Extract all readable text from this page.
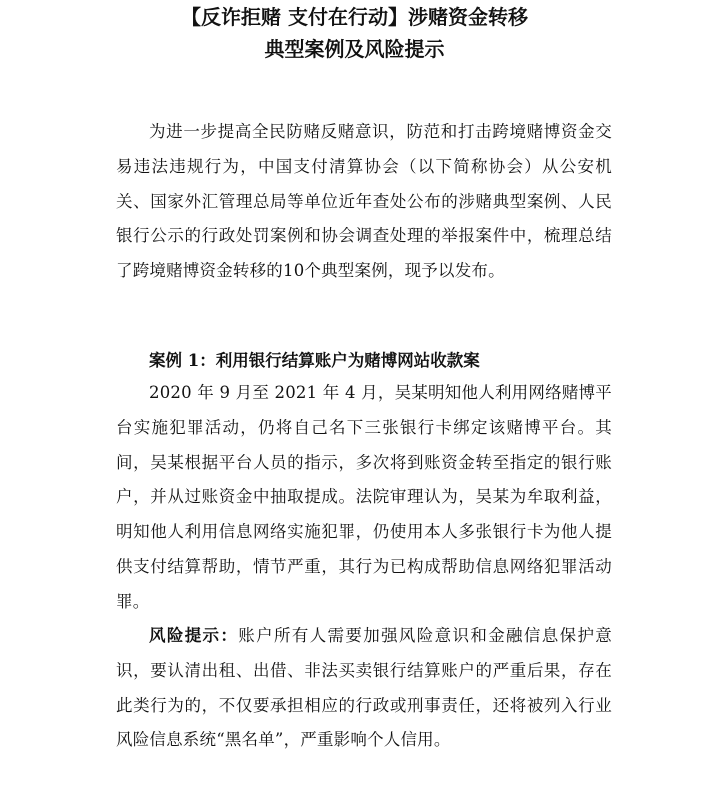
【反诈拒赌 支付在行动】涉赌资金转移
典型案例及风险提示

为进一步提高全民防赌反赌意识，防范和打击跨境赌博资金交易违法违规行为，中国支付清算协会（以下简称协会）从公安机关、国家外汇管理总局等单位近年查处公布的涉赌典型案例、人民银行公示的行政处罚案例和协会调查处理的举报案件中，梳理总结了跨境赌博资金转移的10个典型案例，现予以发布。

案例 1：利用银行结算账户为赌博网站收款案

2020 年 9 月至 2021 年 4 月，吴某明知他人利用网络赌博平台实施犯罪活动，仍将自己名下三张银行卡绑定该赌博平台。其间，吴某根据平台人员的指示，多次将到账资金转至指定的银行账户，并从过账资金中抽取提成。法院审理认为，吴某为牟取利益，明知他人利用信息网络实施犯罪，仍使用本人多张银行卡为他人提供支付结算帮助，情节严重，其行为已构成帮助信息网络犯罪活动罪。

风险提示：账户所有人需要加强风险意识和金融信息保护意识，要认清出租、出借、非法买卖银行结算账户的严重后果，存在此类行为的，不仅要承担相应的行政或刑事责任，还将被列入行业风险信息系统“黑名单”，严重影响个人信用。
